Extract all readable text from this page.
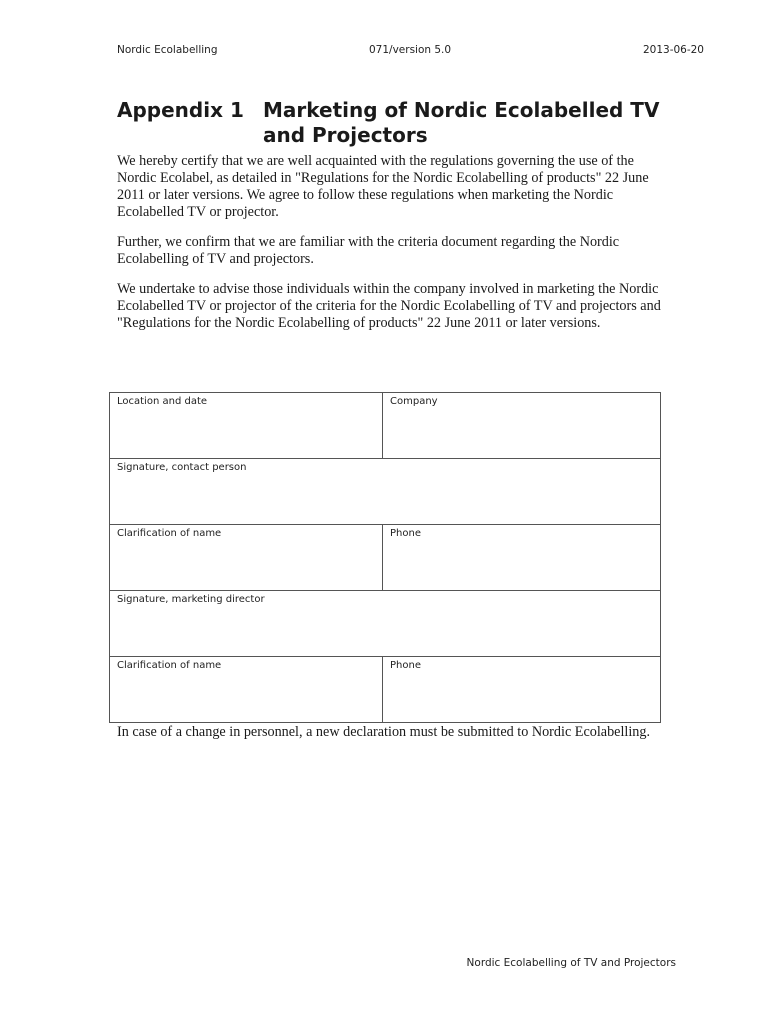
Nordic Ecolabelling	071/version 5.0	2013-06-20
Appendix 1 Marketing of Nordic Ecolabelled TV and Projectors

We hereby certify that we are well acquainted with the regulations governing the use of the Nordic Ecolabel, as detailed in "Regulations for the Nordic Ecolabelling of products" 22 June 2011 or later versions. We agree to follow these regulations when marketing the Nordic Ecolabelled TV or projector.

Further, we confirm that we are familiar with the criteria document regarding the Nordic Ecolabelling of TV and projectors.

We undertake to advise those individuals within the company involved in marketing the Nordic Ecolabelled TV or projector of the criteria for the Nordic Ecolabelling of TV and projectors and "Regulations for the Nordic Ecolabelling of products" 22 June 2011 or later versions.

Location and date	Company
Signature, contact person	
Clarification of name	Phone
Signature, marketing director	
Clarification of name	Phone

In case of a change in personnel, a new declaration must be submitted to Nordic Ecolabelling.

Nordic Ecolabelling of TV and Projectors
